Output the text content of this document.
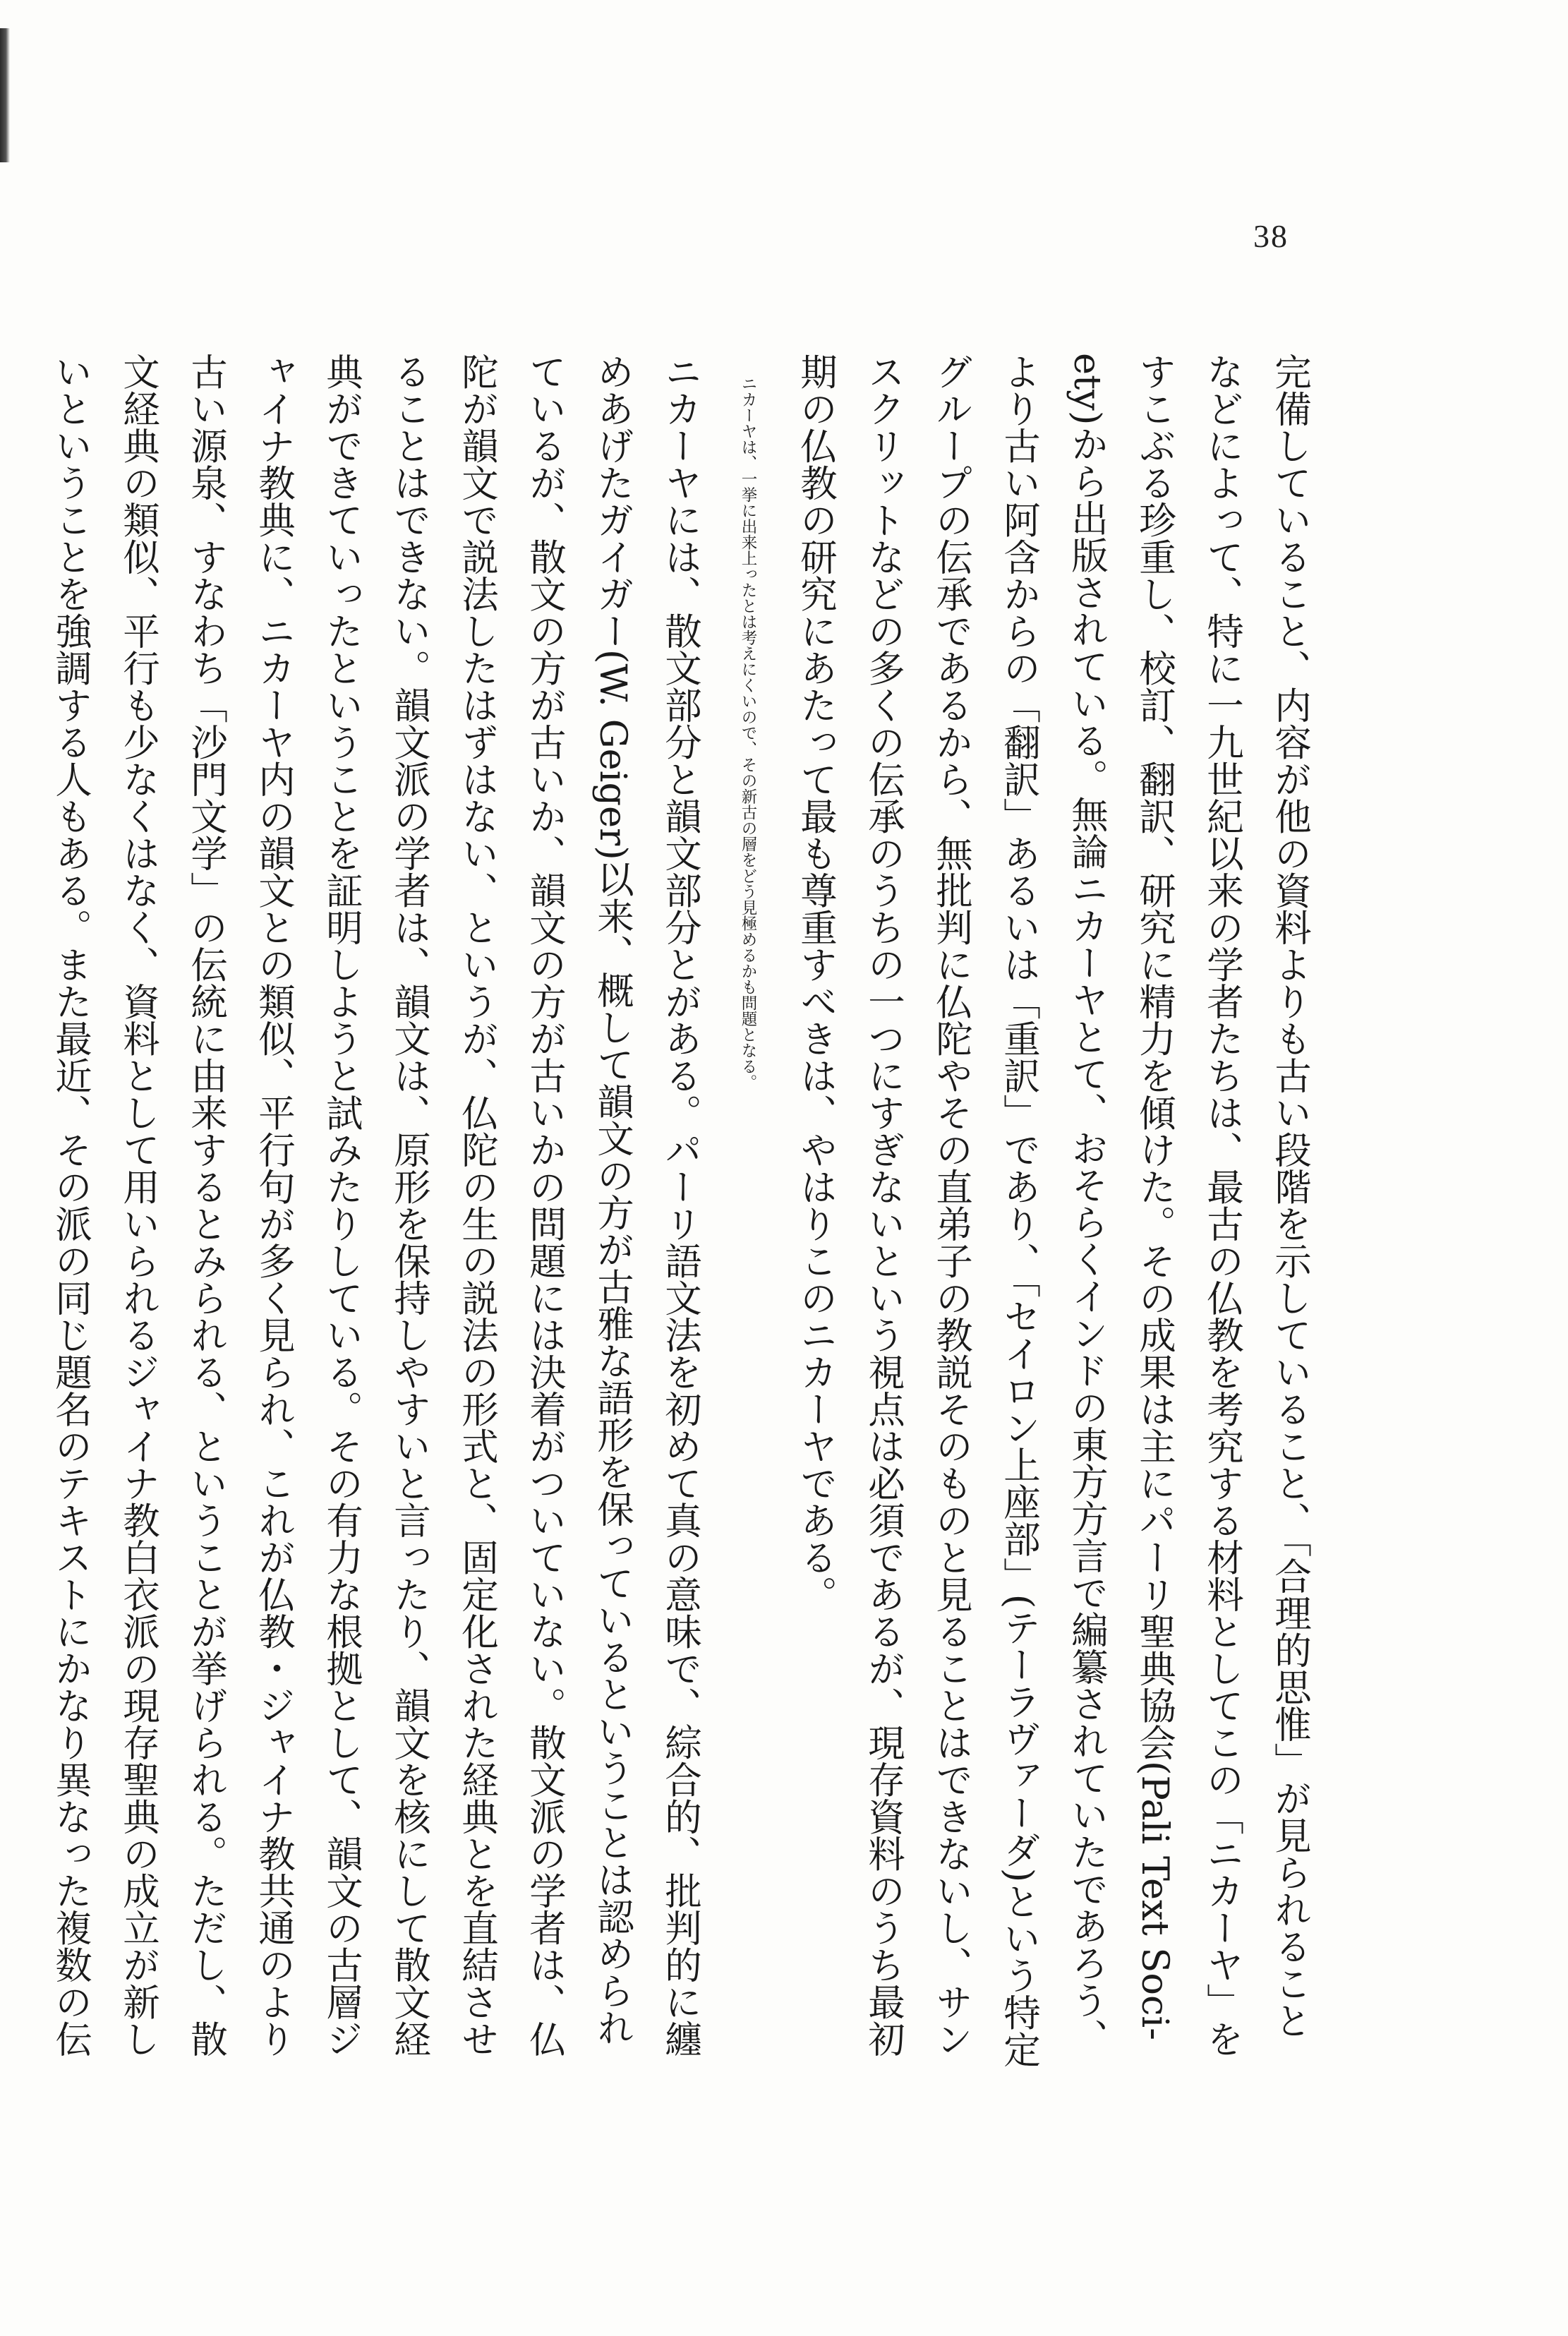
38
完備していること、内容が他の資料よりも古い段階を示していること、「合理的思惟」が見られること
などによって、特に一九世紀以来の学者たちは、最古の仏教を考究する材料としてこの「ニカーヤ」を
すこぶる珍重し、校訂、翻訳、研究に精力を傾けた。その成果は主にパーリ聖典協会(Pali Text Soci-
ety)から出版されている。無論ニカーヤとて、おそらくインドの東方方言で編纂されていたであろう、
より古い阿含からの「翻訳」あるいは「重訳」であり、「セイロン上座部」(テーラヴァーダ)という特定
グループの伝承であるから、無批判に仏陀やその直弟子の教説そのものと見ることはできないし、サン
スクリットなどの多くの伝承のうちの一つにすぎないという視点は必須であるが、現存資料のうち最初
期の仏教の研究にあたって最も尊重すべきは、やはりこのニカーヤである。
ニカーヤは、一挙に出来上ったとは考えにくいので、その新古の層をどう見極めるかも問題となる。
ニカーヤには、散文部分と韻文部分とがある。パーリ語文法を初めて真の意味で、綜合的、批判的に纏
めあげたガイガー(W. Geiger)以来、概して韻文の方が古雅な語形を保っているということは認められ
ているが、散文の方が古いか、韻文の方が古いかの問題には決着がついていない。散文派の学者は、仏
陀が韻文で説法したはずはない、というが、仏陀の生の説法の形式と、固定化された経典とを直結させ
ることはできない。韻文派の学者は、韻文は、原形を保持しやすいと言ったり、韻文を核にして散文経
典ができていったということを証明しようと試みたりしている。その有力な根拠として、韻文の古層ジ
ャイナ教典に、ニカーヤ内の韻文との類似、平行句が多く見られ、これが仏教・ジャイナ教共通のより
古い源泉、すなわち「沙門文学」の伝統に由来するとみられる、ということが挙げられる。ただし、散
文経典の類似、平行も少なくはなく、資料として用いられるジャイナ教白衣派の現存聖典の成立が新し
いということを強調する人もある。また最近、その派の同じ題名のテキストにかなり異なった複数の伝
